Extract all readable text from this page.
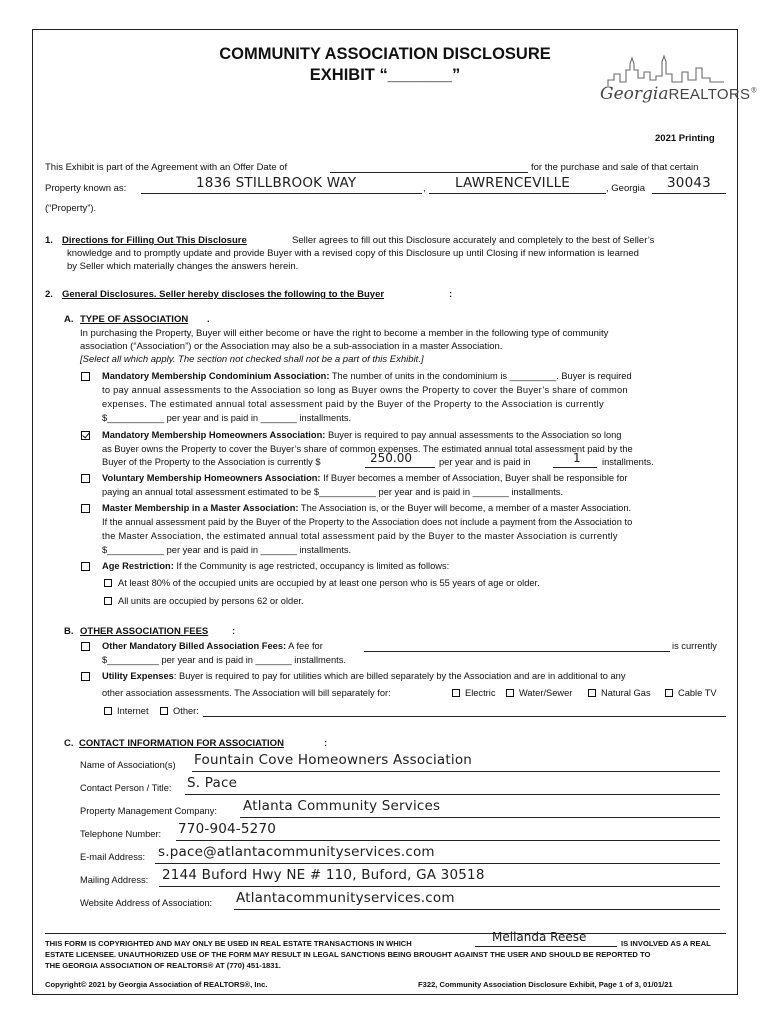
COMMUNITY ASSOCIATION DISCLOSURE
EXHIBIT “_______”
GeorgiaREALTORS®
2021 Printing
This Exhibit is part of the Agreement with an Offer Date of	for the purchase and sale of that certain
Property known as:	1836 STILLBROOK WAY	, LAWRENCEVILLE	, Georgia 30043
(“Property”).
1. Directions for Filling Out This Disclosure	Seller agrees to fill out this Disclosure accurately and completely to the best of Seller’s
knowledge and to promptly update and provide Buyer with a revised copy of this Disclosure up until Closing if new information is learned
by Seller which materially changes the answers herein.
2. General Disclosures. Seller hereby discloses the following to the Buyer	:
A. TYPE OF ASSOCIATION .
In purchasing the Property, Buyer will either become or have the right to become a member in the following type of community
association (“Association”) or the Association may also be a sub-association in a master Association.
[Select all which apply. The section not checked shall not be a part of this Exhibit.]
Mandatory Membership Condominium Association: The number of units in the condominium is _________. Buyer is required
to pay annual assessments to the Association so long as Buyer owns the Property to cover the Buyer’s share of common
expenses. The estimated annual total assessment paid by the Buyer of the Property to the Association is currently
$___________ per year and is paid in _______ installments.
Mandatory Membership Homeowners Association: Buyer is required to pay annual assessments to the Association so long
as Buyer owns the Property to cover the Buyer’s share of common expenses. The estimated annual total assessment paid by the
Buyer of the Property to the Association is currently $	250.00	per year and is paid in	1 installments.
Voluntary Membership Homeowners Association: If Buyer becomes a member of Association, Buyer shall be responsible for
paying an annual total assessment estimated to be $___________ per year and is paid in _______ installments.
Master Membership in a Master Association: The Association is, or the Buyer will become, a member of a master Association.
If the annual assessment paid by the Buyer of the Property to the Association does not include a payment from the Association to
the Master Association, the estimated annual total assessment paid by the Buyer to the master Association is currently
$___________ per year and is paid in _______ installments.
Age Restriction: If the Community is age restricted, occupancy is limited as follows:
At least 80% of the occupied units are occupied by at least one person who is 55 years of age or older.
All units are occupied by persons 62 or older.
B. OTHER ASSOCIATION FEES :
Other Mandatory Billed Association Fees: A fee for	is currently
$__________ per year and is paid in _______ installments.
Utility Expenses: Buyer is required to pay for utilities which are billed separately by the Association and are in additional to any
other association assessments. The Association will bill separately for:	Electric	Water/Sewer	Natural Gas	Cable TV
Internet	Other:
C. CONTACT INFORMATION FOR ASSOCIATION	:
Name of Association(s) Fountain Cove Homeowners Association
Contact Person / Title: S. Pace
Property Management Company: Atlanta Community Services
Telephone Number: 770-904-5270
E-mail Address: s.pace@atlantacommunityservices.com
Mailing Address: 2144 Buford Hwy NE # 110, Buford, GA 30518
Website Address of Association: Atlantacommunityservices.com
THIS FORM IS COPYRIGHTED AND MAY ONLY BE USED IN REAL ESTATE TRANSACTIONS IN WHICH	Mellanda Reese	IS INVOLVED AS A REAL
ESTATE LICENSEE. UNAUTHORIZED USE OF THE FORM MAY RESULT IN LEGAL SANCTIONS BEING BROUGHT AGAINST THE USER AND SHOULD BE REPORTED TO
THE GEORGIA ASSOCIATION OF REALTORS® AT (770) 451-1831.
Copyright© 2021 by Georgia Association of REALTORS®, Inc.	F322, Community Association Disclosure Exhibit, Page 1 of 3, 01/01/21
